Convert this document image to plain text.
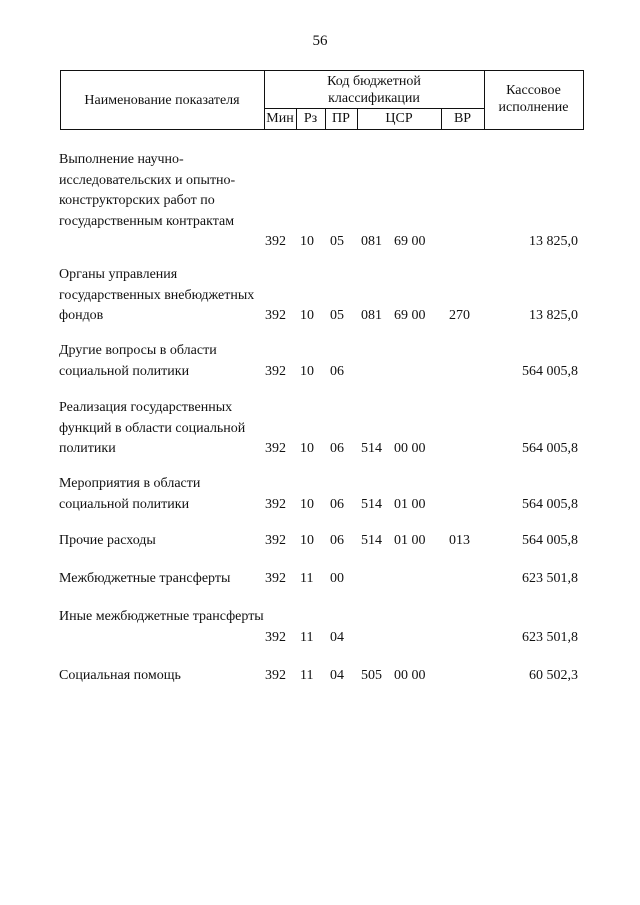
56
Наименование показателя
Код бюджетной
классификации
Кассовое
исполнение
Мин Рз	ПР	ЦСР	ВР
Выполнение научно-исследовательских и опытно-конструкторских работ по государственным контрактам
392 10 05 081 69 00	13 825,0
Органы управления государственных внебюджетных фондов	392 10 05 081 69 00 270	13 825,0
Другие вопросы в области социальной политики	392 10 06	564 005,8
Реализация государственных функций в области социальной политики	392 10 06 514 00 00	564 005,8
Мероприятия в области социальной политики	392 10 06 514 01 00	564 005,8
Прочие расходы	392 10 06 514 01 00 013	564 005,8
Межбюджетные трансферты	392 11 00	623 501,8
Иные межбюджетные трансферты
392 11 04	623 501,8
Социальная помощь	392 11 04 505 00 00	60 502,3
